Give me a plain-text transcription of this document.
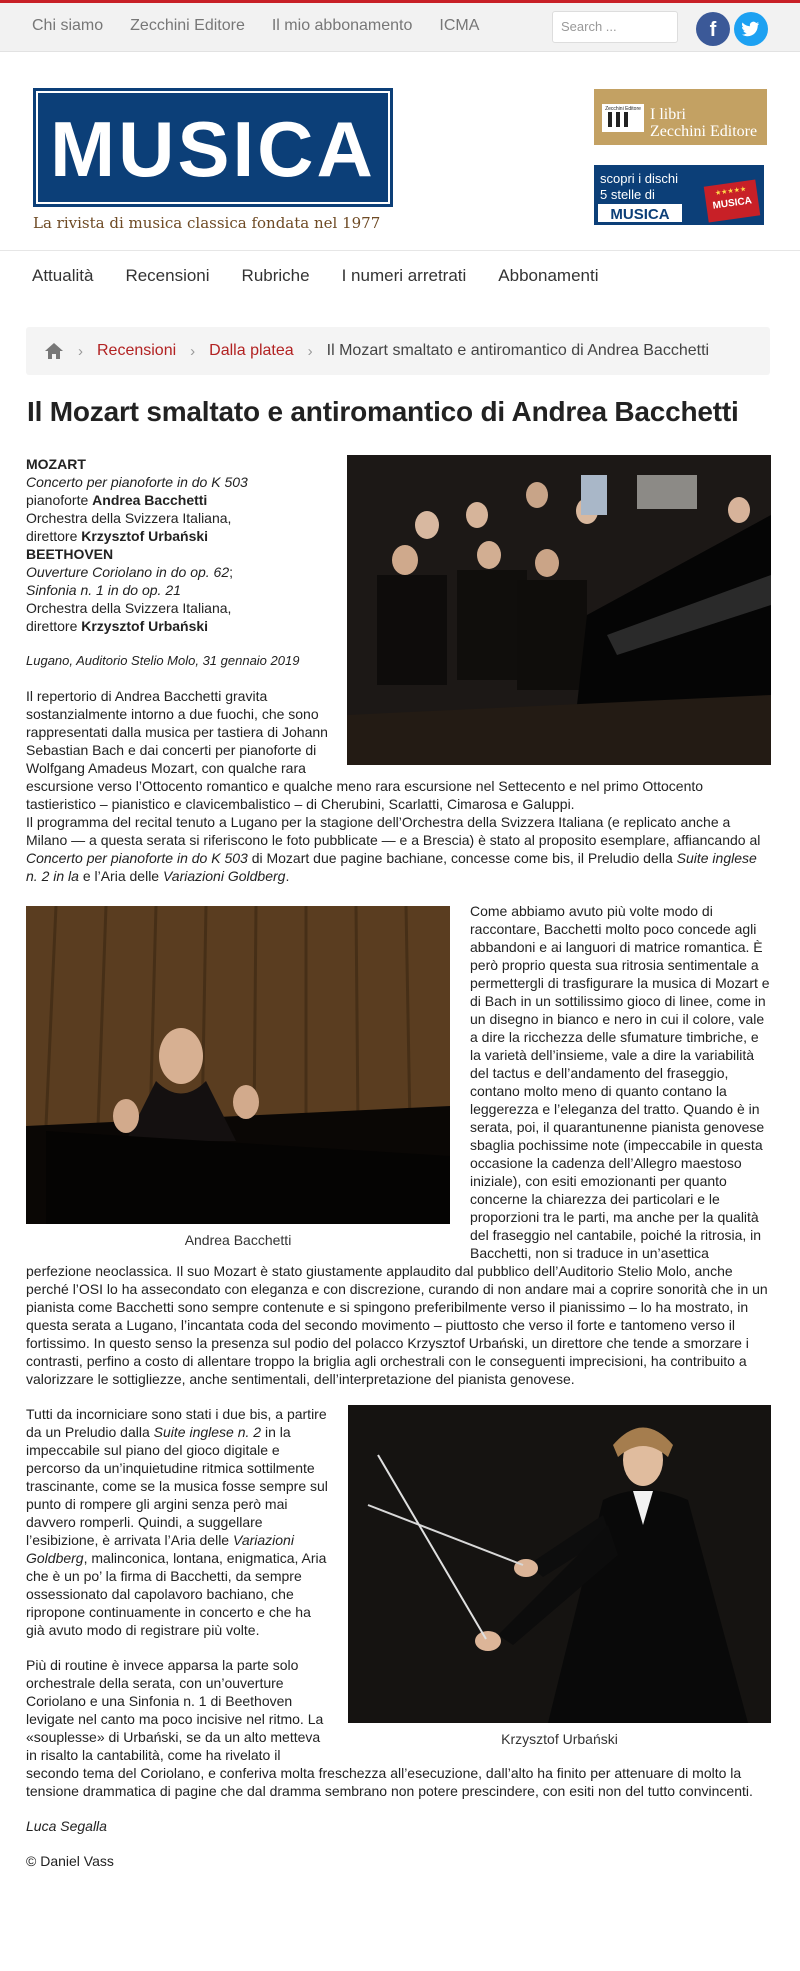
Chi siamo Zecchini Editore Il mio abbonamento ICMA	Search ...	f
MUSICA
La rivista di musica classica fondata nel 1977
Zecchini Editore I libri
Zecchini Editore
scopri i dischi
5 stelle di
MUSICA
MUSICA
★★★★★
Attualità Recensioni Rubriche I numeri arretrati Abbonamenti
› Recensioni › Dalla platea › Il Mozart smaltato e antiromantico di Andrea Bacchetti
Il Mozart smaltato e antiromantico di Andrea Bacchetti
MOZART
Concerto per pianoforte in do K 503
pianoforte Andrea Bacchetti
Orchestra della Svizzera Italiana,
direttore Krzysztof Urbański
BEETHOVEN
Ouverture Coriolano in do op. 62;
Sinfonia n. 1 in do op. 21
Orchestra della Svizzera Italiana,
direttore Krzysztof Urbański

Lugano, Auditorio Stelio Molo, 31 gennaio 2019

Il repertorio di Andrea Bacchetti gravita sostanzialmente intorno a due fuochi, che sono rappresentati dalla musica per tastiera di Johann Sebastian Bach e dai concerti per pianoforte di Wolfgang Amadeus Mozart, con qualche rara escursione verso l’Ottocento romantico e qualche meno rara escursione nel Settecento e nel primo Ottocento tastieristico – pianistico e clavicembalistico – di Cherubini, Scarlatti, Cimarosa e Galuppi.

Il programma del recital tenuto a Lugano per la stagione dell’Orchestra della Svizzera Italiana (e replicato anche a Milano — a questa serata si riferiscono le foto pubblicate — e a Brescia) è stato al proposito esemplare, affiancando al Concerto per pianoforte in do K 503 di Mozart due pagine bachiane, concesse come bis, il Preludio della Suite inglese n. 2 in la e l’Aria delle Variazioni Goldberg.

Andrea Bacchetti

Come abbiamo avuto più volte modo di raccontare, Bacchetti molto poco concede agli abbandoni e ai languori di matrice romantica. È però proprio questa sua ritrosia sentimentale a permettergli di trasfigurare la musica di Mozart e di Bach in un sottilissimo gioco di linee, come in un disegno in bianco e nero in cui il colore, vale a dire la ricchezza delle sfumature timbriche, e la varietà dell’insieme, vale a dire la variabilità del tactus e dell’andamento del fraseggio, contano molto meno di quanto contano la leggerezza e l’eleganza del tratto. Quando è in serata, poi, il quarantunenne pianista genovese sbaglia pochissime note (impeccabile in questa occasione la cadenza dell’Allegro maestoso iniziale), con esiti emozionanti per quanto concerne la chiarezza dei particolari e le proporzioni tra le parti, ma anche per la qualità del fraseggio nel cantabile, poiché la ritrosia, in Bacchetti, non si traduce in un’asettica perfezione neoclassica. Il suo Mozart è stato giustamente applaudito dal pubblico dell’Auditorio Stelio Molo, anche perché l’OSI lo ha assecondato con eleganza e con discrezione, curando di non andare mai a coprire sonorità che in un pianista come Bacchetti sono sempre contenute e si spingono preferibilmente verso il pianissimo – lo ha mostrato, in questa serata a Lugano, l’incantata coda del secondo movimento – piuttosto che verso il forte e tantomeno verso il fortissimo. In questo senso la presenza sul podio del polacco Krzysztof Urbański, un direttore che tende a smorzare i contrasti, perfino a costo di allentare troppo la briglia agli orchestrali con le conseguenti imprecisioni, ha contribuito a valorizzare le sottigliezze, anche sentimentali, dell’interpretazione del pianista genovese.

Krzysztof Urbański

Tutti da incorniciare sono stati i due bis, a partire da un Preludio dalla Suite inglese n. 2 in la impeccabile sul piano del gioco digitale e percorso da un’inquietudine ritmica sottilmente trascinante, come se la musica fosse sempre sul punto di rompere gli argini senza però mai davvero romperli. Quindi, a suggellare l’esibizione, è arrivata l’Aria delle Variazioni Goldberg, malinconica, lontana, enigmatica, Aria che è un po’ la firma di Bacchetti, da sempre ossessionato dal capolavoro bachiano, che ripropone continuamente in concerto e che ha già avuto modo di registrare più volte.

Più di routine è invece apparsa la parte solo orchestrale della serata, con un’ouverture Coriolano e una Sinfonia n. 1 di Beethoven levigate nel canto ma poco incisive nel ritmo. La «souplesse» di Urbański, se da un alto metteva in risalto la cantabilità, come ha rivelato il secondo tema del Coriolano, e conferiva molta freschezza all’esecuzione, dall’alto ha finito per attenuare di molto la tensione drammatica di pagine che dal dramma sembrano non potere prescindere, con esiti non del tutto convincenti.

Luca Segalla

© Daniel Vass
